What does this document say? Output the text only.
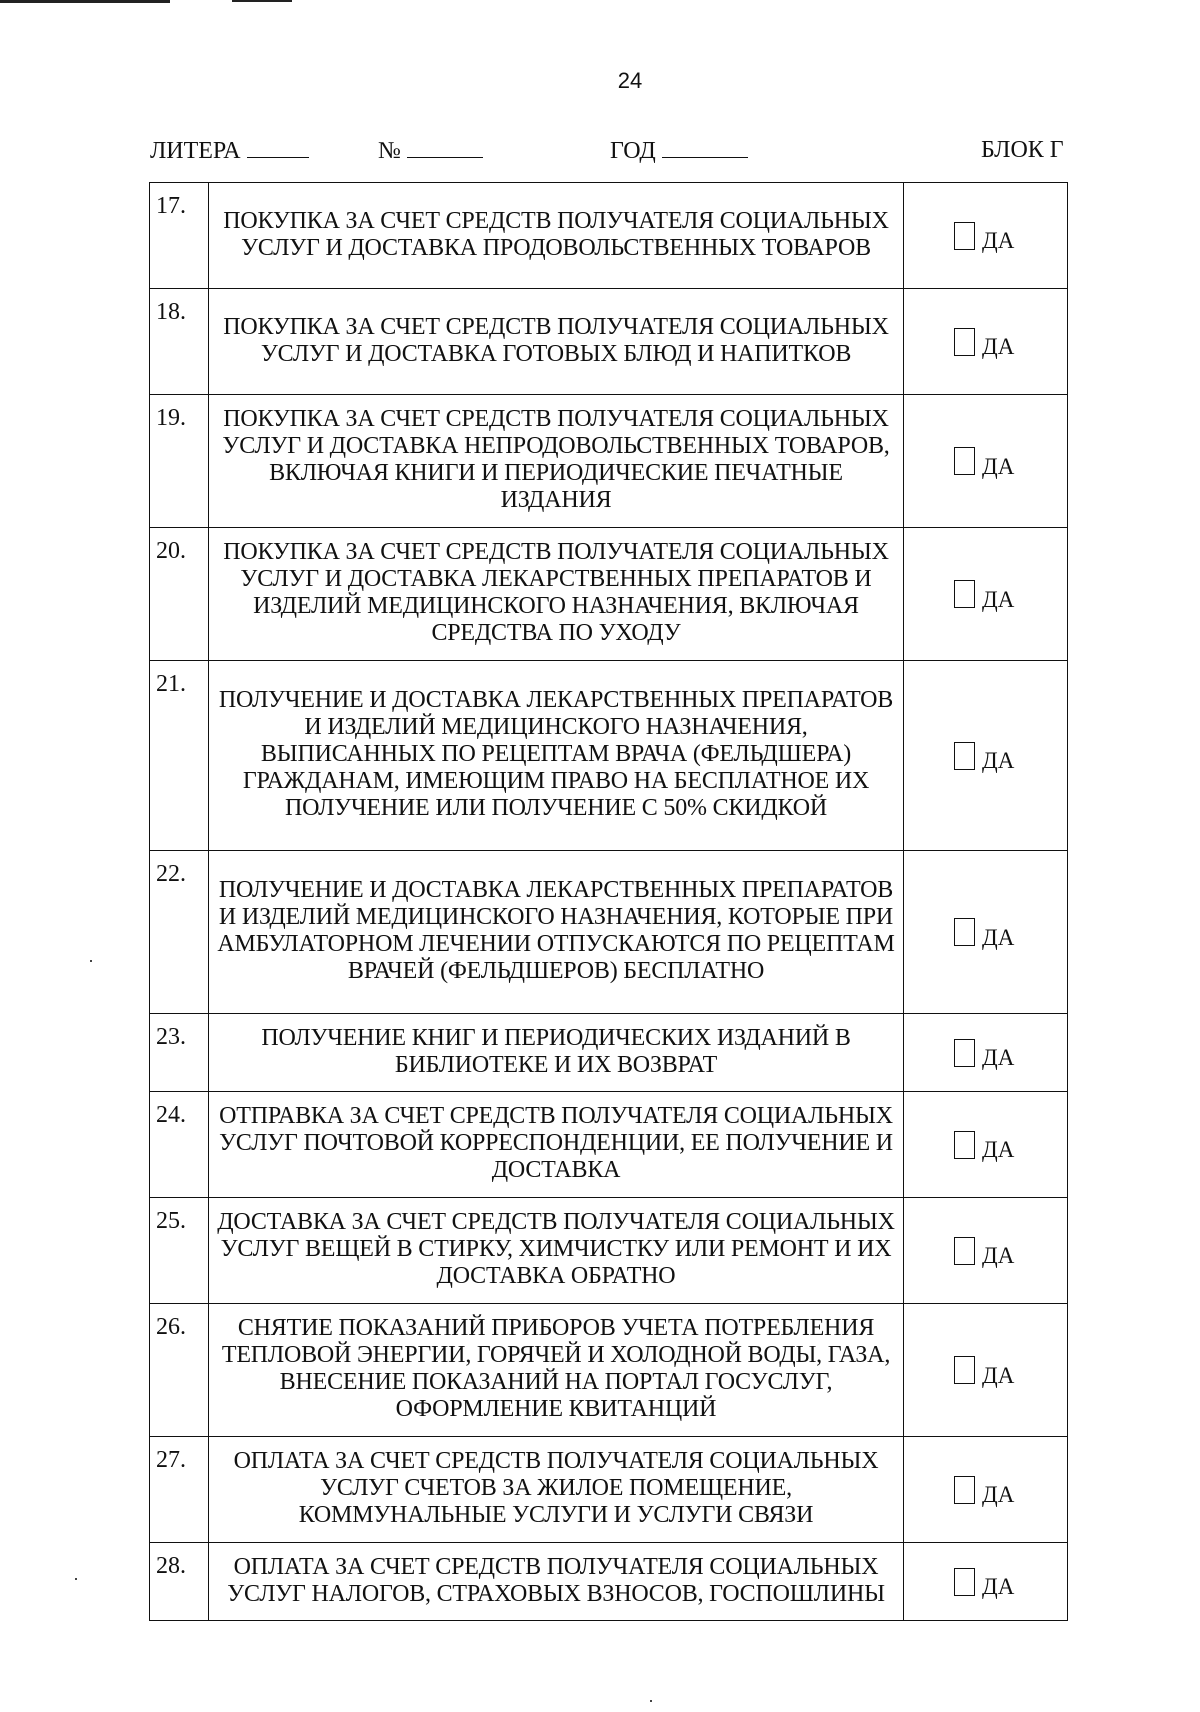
24
ЛИТЕРА	№	ГОД	БЛОК Г
17.	ПОКУПКА ЗА СЧЕТ СРЕДСТВ ПОЛУЧАТЕЛЯ СОЦИАЛЬНЫХ УСЛУГ И ДОСТАВКА ПРОДОВОЛЬСТВЕННЫХ ТОВАРОВ	ДА

18.	ПОКУПКА ЗА СЧЕТ СРЕДСТВ ПОЛУЧАТЕЛЯ СОЦИАЛЬНЫХ УСЛУГ И ДОСТАВКА ГОТОВЫХ БЛЮД И НАПИТКОВ	ДА

19.	ПОКУПКА ЗА СЧЕТ СРЕДСТВ ПОЛУЧАТЕЛЯ СОЦИАЛЬНЫХ УСЛУГ И ДОСТАВКА НЕПРОДОВОЛЬСТВЕННЫХ ТОВАРОВ, ВКЛЮЧАЯ КНИГИ И ПЕРИОДИЧЕСКИЕ ПЕЧАТНЫЕ ИЗДАНИЯ	ДА

20.	ПОКУПКА ЗА СЧЕТ СРЕДСТВ ПОЛУЧАТЕЛЯ СОЦИАЛЬНЫХ УСЛУГ И ДОСТАВКА ЛЕКАРСТВЕННЫХ ПРЕПАРАТОВ И ИЗДЕЛИЙ МЕДИЦИНСКОГО НАЗНАЧЕНИЯ, ВКЛЮЧАЯ СРЕДСТВА ПО УХОДУ	ДА

21.	ПОЛУЧЕНИЕ И ДОСТАВКА ЛЕКАРСТВЕННЫХ ПРЕПАРАТОВ И ИЗДЕЛИЙ МЕДИЦИНСКОГО НАЗНАЧЕНИЯ, ВЫПИСАННЫХ ПО РЕЦЕПТАМ ВРАЧА (ФЕЛЬДШЕРА) ГРАЖДАНАМ, ИМЕЮЩИМ ПРАВО НА БЕСПЛАТНОЕ ИХ ПОЛУЧЕНИЕ ИЛИ ПОЛУЧЕНИЕ С 50% СКИДКОЙ	ДА

22.	ПОЛУЧЕНИЕ И ДОСТАВКА ЛЕКАРСТВЕННЫХ ПРЕПАРАТОВ И ИЗДЕЛИЙ МЕДИЦИНСКОГО НАЗНАЧЕНИЯ, КОТОРЫЕ ПРИ АМБУЛАТОРНОМ ЛЕЧЕНИИ ОТПУСКАЮТСЯ ПО РЕЦЕПТАМ ВРАЧЕЙ (ФЕЛЬДШЕРОВ) БЕСПЛАТНО	ДА

23.	ПОЛУЧЕНИЕ КНИГ И ПЕРИОДИЧЕСКИХ ИЗДАНИЙ В БИБЛИОТЕКЕ И ИХ ВОЗВРАТ	ДА

24.	ОТПРАВКА ЗА СЧЕТ СРЕДСТВ ПОЛУЧАТЕЛЯ СОЦИАЛЬНЫХ УСЛУГ ПОЧТОВОЙ КОРРЕСПОНДЕНЦИИ, ЕЕ ПОЛУЧЕНИЕ И ДОСТАВКА	ДА

25.	ДОСТАВКА ЗА СЧЕТ СРЕДСТВ ПОЛУЧАТЕЛЯ СОЦИАЛЬНЫХ УСЛУГ ВЕЩЕЙ В СТИРКУ, ХИМЧИСТКУ ИЛИ РЕМОНТ И ИХ ДОСТАВКА ОБРАТНО	ДА

26.	СНЯТИЕ ПОКАЗАНИЙ ПРИБОРОВ УЧЕТА ПОТРЕБЛЕНИЯ ТЕПЛОВОЙ ЭНЕРГИИ, ГОРЯЧЕЙ И ХОЛОДНОЙ ВОДЫ, ГАЗА, ВНЕСЕНИЕ ПОКАЗАНИЙ НА ПОРТАЛ ГОСУСЛУГ, ОФОРМЛЕНИЕ КВИТАНЦИЙ	ДА

27.	ОПЛАТА ЗА СЧЕТ СРЕДСТВ ПОЛУЧАТЕЛЯ СОЦИАЛЬНЫХ УСЛУГ СЧЕТОВ ЗА ЖИЛОЕ ПОМЕЩЕНИЕ, КОММУНАЛЬНЫЕ УСЛУГИ И УСЛУГИ СВЯЗИ	ДА

28.	ОПЛАТА ЗА СЧЕТ СРЕДСТВ ПОЛУЧАТЕЛЯ СОЦИАЛЬНЫХ УСЛУГ НАЛОГОВ, СТРАХОВЫХ ВЗНОСОВ, ГОСПОШЛИНЫ	ДА
